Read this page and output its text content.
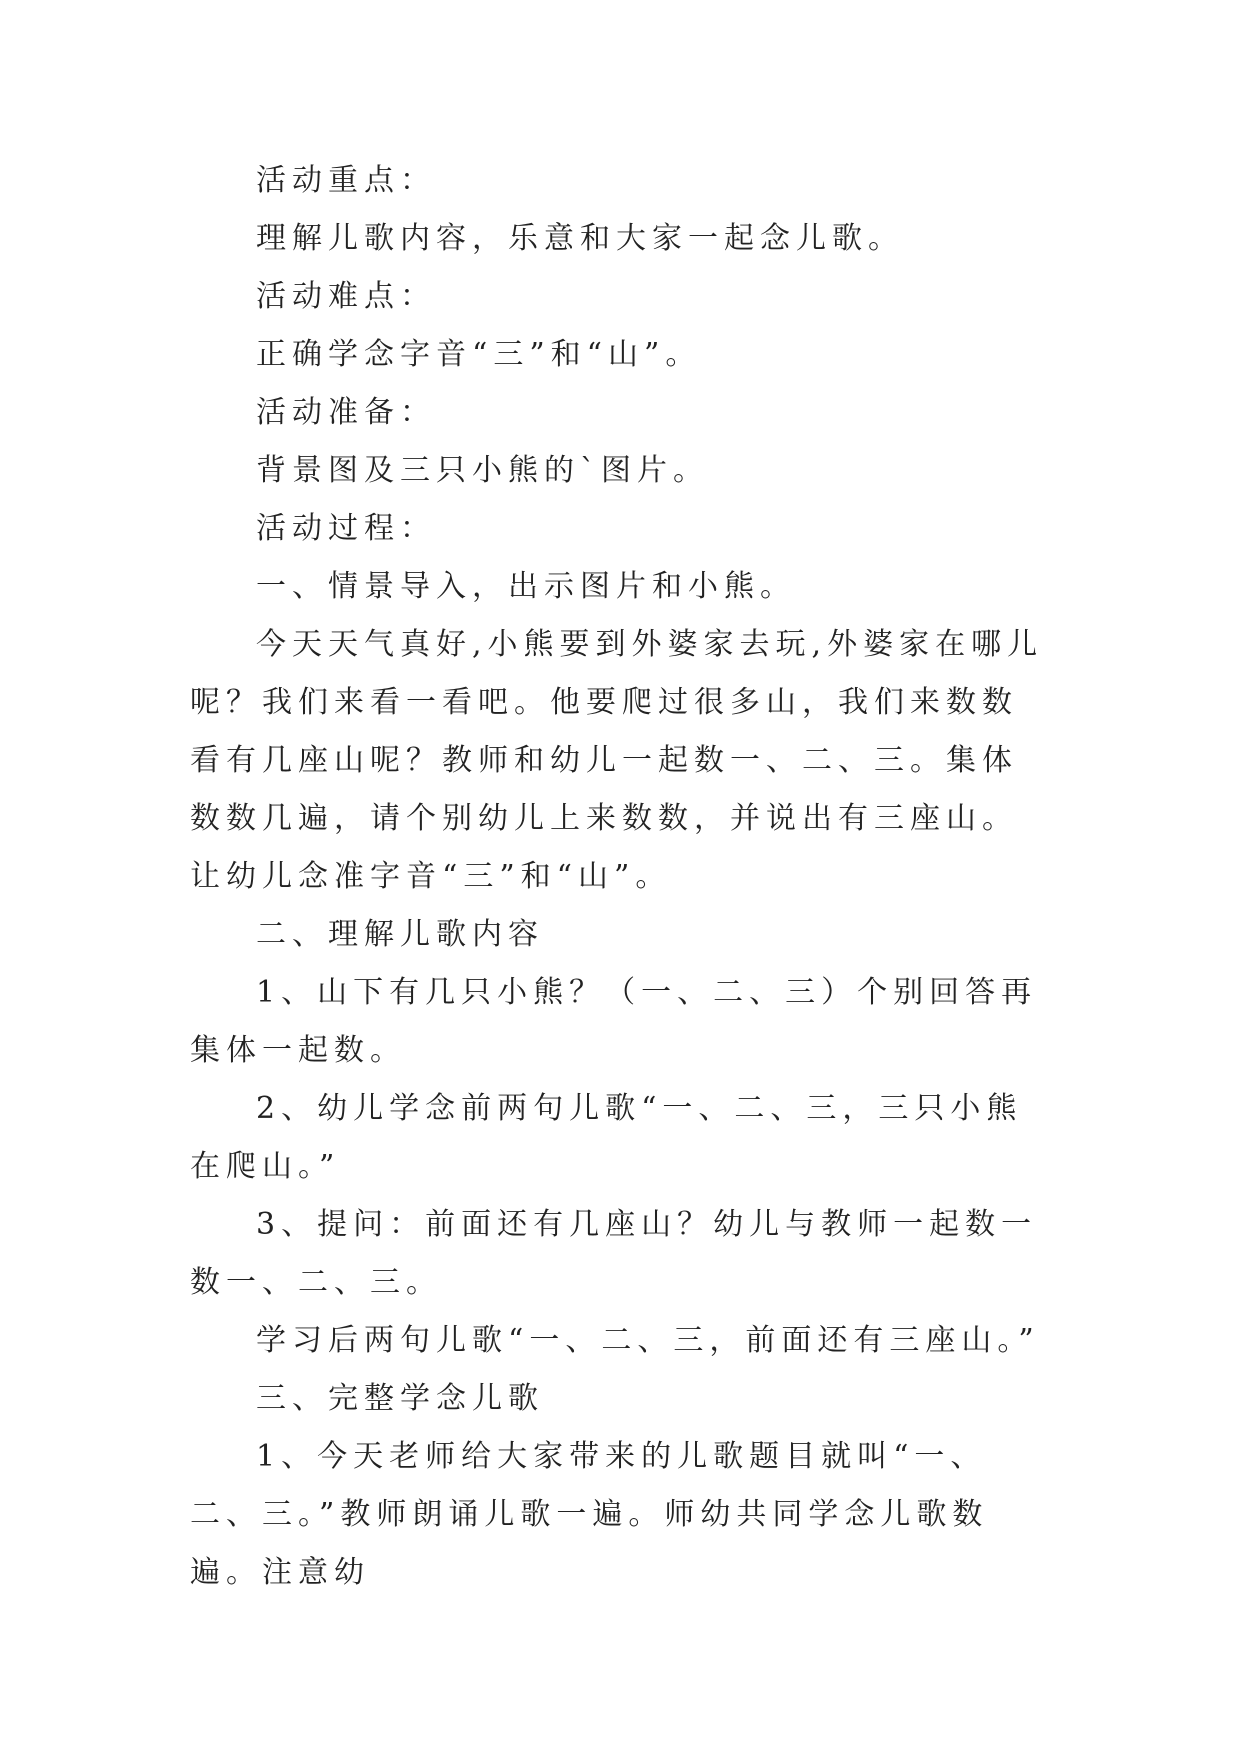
活动重点：

理解儿歌内容，乐意和大家一起念儿歌。

活动难点：

正确学念字音“三”和“山”。

活动准备：

背景图及三只小熊的`图片。

活动过程：

一、情景导入，出示图片和小熊。

今天天气真好,小熊要到外婆家去玩,外婆家在哪儿呢？我们来看一看吧。他要爬过很多山，我们来数数看有几座山呢？教师和幼儿一起数一、二、三。集体数数几遍，请个别幼儿上来数数，并说出有三座山。让幼儿念准字音“三”和“山”。

二、理解儿歌内容

1、山下有几只小熊？（一、二、三）个别回答再集体一起数。

2、幼儿学念前两句儿歌“一、二、三，三只小熊在爬山。”

3、提问：前面还有几座山？幼儿与教师一起数一数一、二、三。

学习后两句儿歌“一、二、三，前面还有三座山。”

三、完整学念儿歌

1、今天老师给大家带来的儿歌题目就叫“一、二、三。”教师朗诵儿歌一遍。师幼共同学念儿歌数遍。注意幼
